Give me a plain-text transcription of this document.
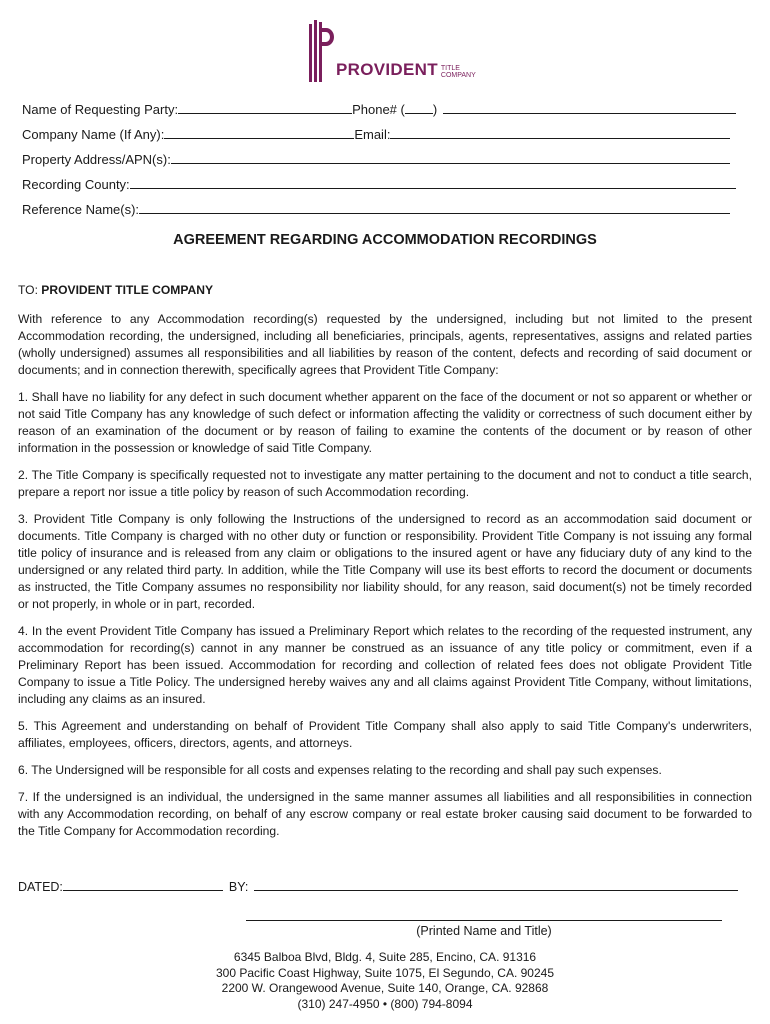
PROVIDENT TITLE
COMPANY
Name of Requesting Party:	Phone# ( )
Company Name (If Any):	Email:
Property Address/APN(s):
Recording County:
Reference Name(s):
AGREEMENT REGARDING ACCOMMODATION RECORDINGS

TO: PROVIDENT TITLE COMPANY

With reference to any Accommodation recording(s) requested by the undersigned, including but not limited to the present Accommodation recording, the undersigned, including all beneficiaries, principals, agents, representatives, assigns and related parties (wholly undersigned) assumes all responsibilities and all liabilities by reason of the content, defects and recording of said document or documents; and in connection therewith, specifically agrees that Provident Title Company:

1. Shall have no liability for any defect in such document whether apparent on the face of the document or not so apparent or whether or not said Title Company has any knowledge of such defect or information affecting the validity or correctness of such document either by reason of an examination of the document or by reason of failing to examine the contents of the document or by reason of other information in the possession or knowledge of said Title Company.

2. The Title Company is specifically requested not to investigate any matter pertaining to the document and not to conduct a title search, prepare a report nor issue a title policy by reason of such Accommodation recording.

3. Provident Title Company is only following the Instructions of the undersigned to record as an accommodation said document or documents. Title Company is charged with no other duty or function or responsibility. Provident Title Company is not issuing any formal title policy of insurance and is released from any claim or obligations to the insured agent or have any fiduciary duty of any kind to the undersigned or any related third party. In addition, while the Title Company will use its best efforts to record the document or documents as instructed, the Title Company assumes no responsibility nor liability should, for any reason, said document(s) not be timely recorded or not properly, in whole or in part, recorded.

4. In the event Provident Title Company has issued a Preliminary Report which relates to the recording of the requested instrument, any accommodation for recording(s) cannot in any manner be construed as an issuance of any title policy or commitment, even if a Preliminary Report has been issued. Accommodation for recording and collection of related fees does not obligate Provident Title Company to issue a Title Policy. The undersigned hereby waives any and all claims against Provident Title Company, without limitations, including any claims as an insured.

5. This Agreement and understanding on behalf of Provident Title Company shall also apply to said Title Company's underwriters, affiliates, employees, officers, directors, agents, and attorneys.

6. The Undersigned will be responsible for all costs and expenses relating to the recording and shall pay such expenses.

7. If the undersigned is an individual, the undersigned in the same manner assumes all liabilities and all responsibilities in connection with any Accommodation recording, on behalf of any escrow company or real estate broker causing said document to be forwarded to the Title Company for Accommodation recording.

DATED:	BY:
(Printed Name and Title)
6345 Balboa Blvd, Bldg. 4, Suite 285, Encino, CA. 91316
300 Pacific Coast Highway, Suite 1075, El Segundo, CA. 90245
2200 W. Orangewood Avenue, Suite 140, Orange, CA. 92868
(310) 247-4950 • (800) 794-8094
